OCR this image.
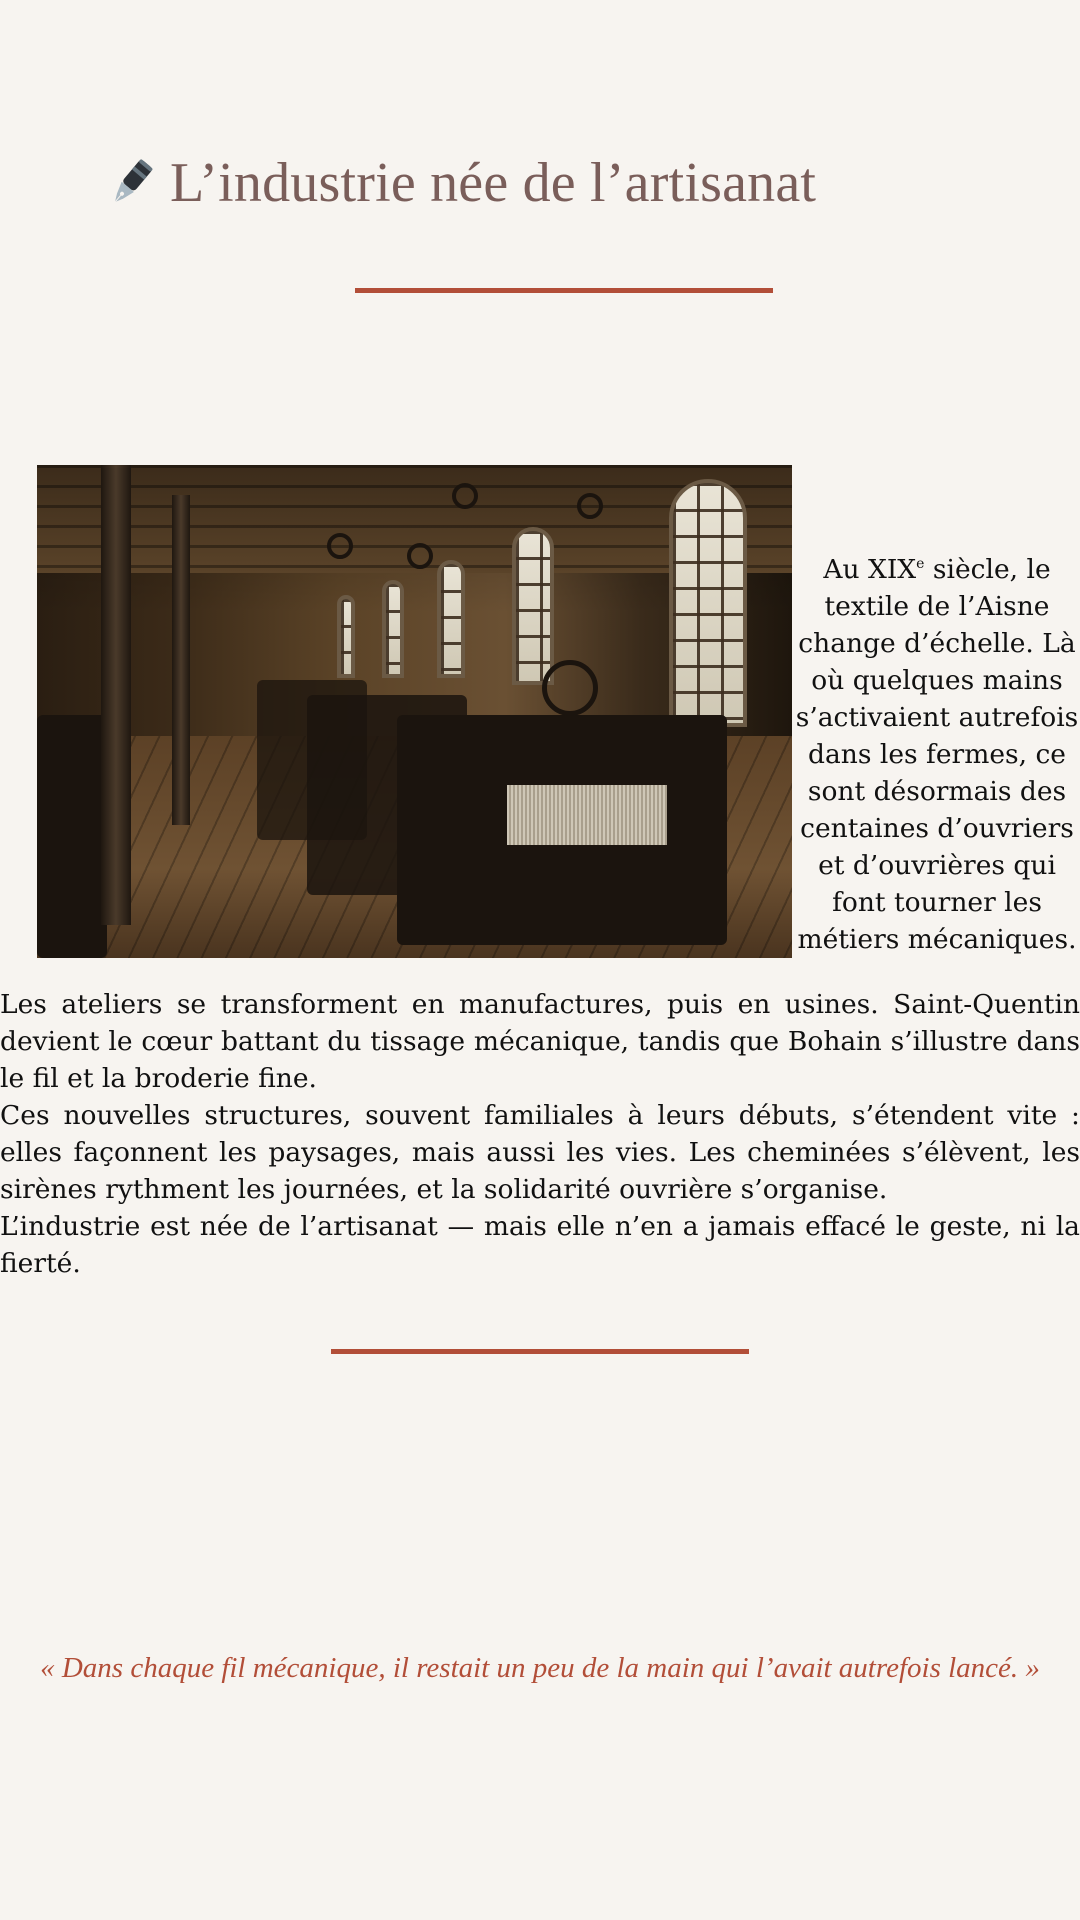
L’industrie née de l’artisanat

Au XIXe siècle, le textile de l’Aisne change d’échelle. Là où quelques mains s’activaient autrefois dans les fermes, ce sont désormais des centaines d’ouvriers et d’ouvrières qui font tourner les métiers mécaniques.

Les ateliers se transforment en manufactures, puis en usines. Saint-Quentin devient le cœur battant du tissage mécanique, tandis que Bohain s’illustre dans le fil et la broderie fine.

Ces nouvelles structures, souvent familiales à leurs débuts, s’étendent vite : elles façonnent les paysages, mais aussi les vies. Les cheminées s’élèvent, les sirènes rythment les journées, et la solidarité ouvrière s’organise.

L’industrie est née de l’artisanat — mais elle n’en a jamais effacé le geste, ni la fierté.

« Dans chaque fil mécanique, il restait un peu de la main qui l’avait autrefois lancé. »
